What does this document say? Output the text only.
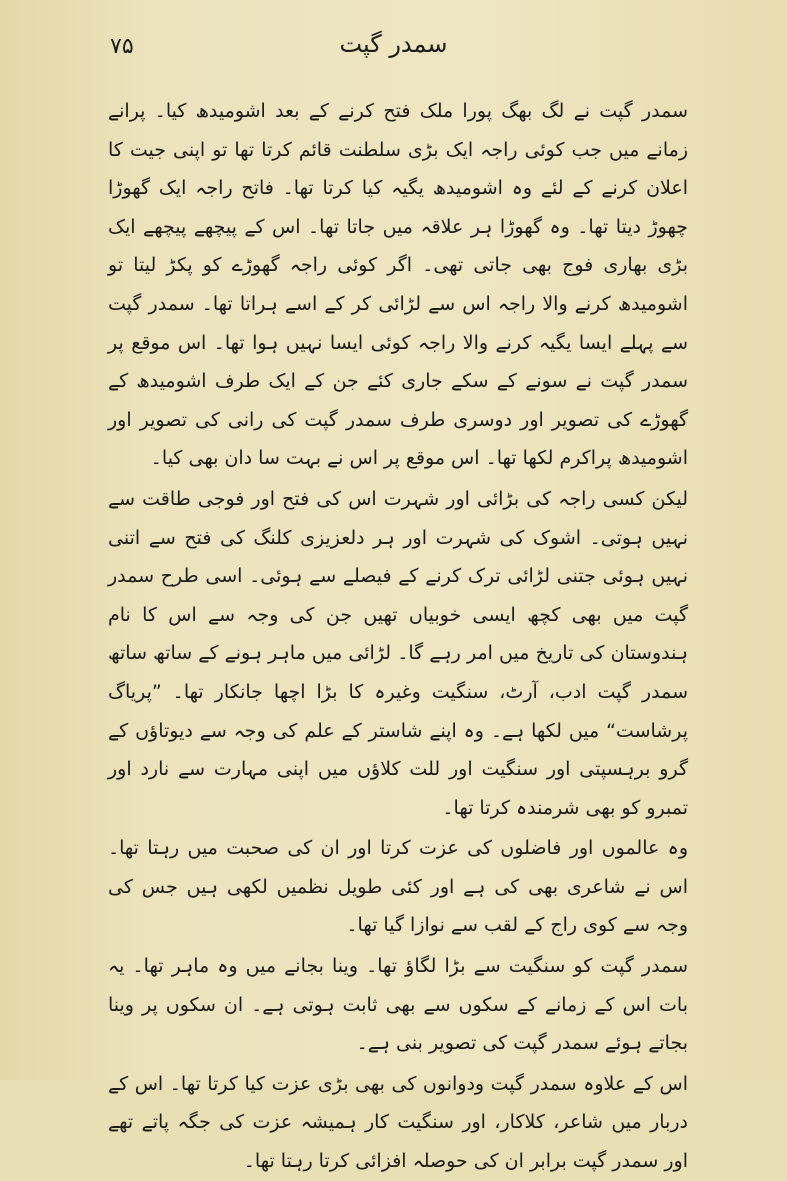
۷۵	سمدر گپت

سمدر گپت نے لگ بھگ پورا ملک فتح کرنے کے بعد اشومیدھ کیا۔ پرانے زمانے میں جب کوئی راجہ ایک بڑی سلطنت قائم کرتا تھا تو اپنی جیت کا اعلان کرنے کے لئے وہ اشومیدھ یگیہ کیا کرتا تھا۔ فاتح راجہ ایک گھوڑا چھوڑ دیتا تھا۔ وہ گھوڑا ہر علاقہ میں جاتا تھا۔ اس کے پیچھے پیچھے ایک بڑی بھاری فوج بھی جاتی تھی۔ اگر کوئی راجہ گھوڑے کو پکڑ لیتا تو اشومیدھ کرنے والا راجہ اس سے لڑائی کر کے اسے ہراتا تھا۔ سمدر گپت سے پہلے ایسا یگیہ کرنے والا راجہ کوئی ایسا نہیں ہوا تھا۔ اس موقع پر سمدر گپت نے سونے کے سکے جاری کئے جن کے ایک طرف اشومیدھ کے گھوڑے کی تصویر اور دوسری طرف سمدر گپت کی رانی کی تصویر اور اشومیدھ پراکرم لکھا تھا۔ اس موقع پر اس نے بہت سا دان بھی کیا۔

لیکن کسی راجہ کی بڑائی اور شہرت اس کی فتح اور فوجی طاقت سے نہیں ہوتی۔ اشوک کی شہرت اور ہر دلعزیزی کلنگ کی فتح سے اتنی نہیں ہوئی جتنی لڑائی ترک کرنے کے فیصلے سے ہوئی۔ اسی طرح سمدر گپت میں بھی کچھ ایسی خوبیاں تھیں جن کی وجہ سے اس کا نام ہندوستان کی تاریخ میں امر رہے گا۔ لڑائی میں ماہر ہونے کے ساتھ ساتھ سمدر گپت ادب، آرٹ، سنگیت وغیرہ کا بڑا اچھا جانکار تھا۔ ”پریاگ پرشاست“ میں لکھا ہے۔ وہ اپنے شاستر کے علم کی وجہ سے دیوتاؤں کے گرو برہسپتی اور سنگیت اور للت کلاؤں میں اپنی مہارت سے نارد اور تمبرو کو بھی شرمندہ کرتا تھا۔

وہ عالموں اور فاضلوں کی عزت کرتا اور ان کی صحبت میں رہتا تھا۔ اس نے شاعری بھی کی ہے اور کئی طویل نظمیں لکھی ہیں جس کی وجہ سے کوی راج کے لقب سے نوازا گیا تھا۔

سمدر گپت کو سنگیت سے بڑا لگاؤ تھا۔ وینا بجانے میں وہ ماہر تھا۔ یہ بات اس کے زمانے کے سکوں سے بھی ثابت ہوتی ہے۔ ان سکوں پر وینا بجاتے ہوئے سمدر گپت کی تصویر بنی ہے۔

اس کے علاوہ سمدر گپت ودوانوں کی بھی بڑی عزت کیا کرتا تھا۔ اس کے دربار میں شاعر، کلاکار، اور سنگیت کار ہمیشہ عزت کی جگہ پاتے تھے اور سمدر گپت برابر ان کی حوصلہ افزائی کرتا رہتا تھا۔
